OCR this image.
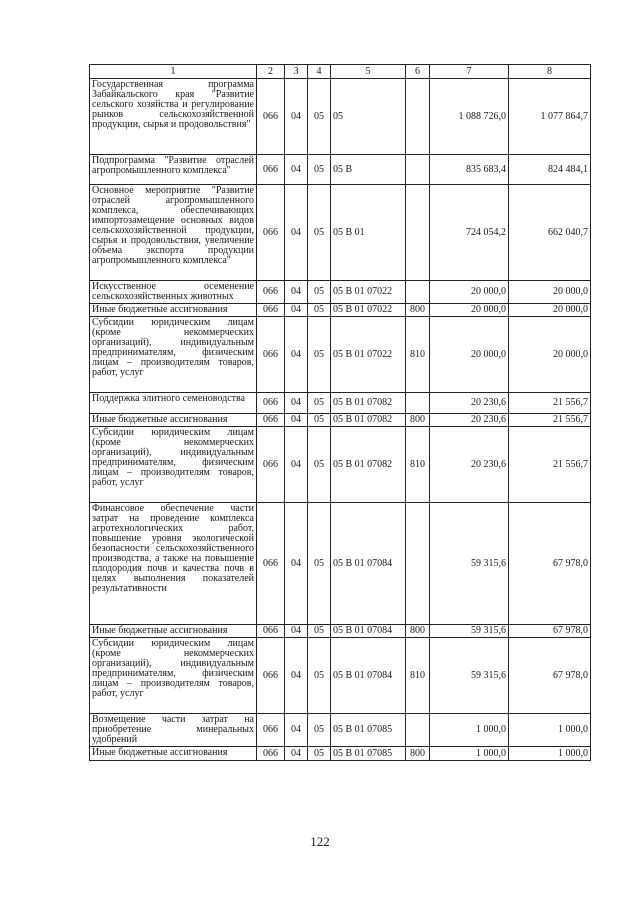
1	2	3	4	5	6	7	8
Государственная программа Забайкальского края "Развитие сельского хозяйства и регулирование рынков сельскохозяйственной продукции, сырья и продовольствия"	066	04	05	05		1 088 726,0	1 077 864,7
Подпрограмма "Развитие отраслей агропромышленного комплекса"	066	04	05	05 В		835 683,4	824 484,1
Основное мероприятие "Развитие отраслей агропромышленного комплекса, обеспечивающих импортозамещение основных видов сельскохозяйственной продукции, сырья и продовольствия, увеличение объема экспорта продукции агропромышленного комплекса"	066	04	05	05 В 01		724 054,2	662 040,7
Искусственное осеменение сельскохозяйственных животных	066	04	05	05 В 01 07022		20 000,0	20 000,0
Иные бюджетные ассигнования	066	04	05	05 В 01 07022	800	20 000,0	20 000,0
Субсидии юридическим лицам (кроме некоммерческих организаций), индивидуальным предпринимателям, физическим лицам – производителям товаров, работ, услуг	066	04	05	05 В 01 07022	810	20 000,0	20 000,0
Поддержка элитного семеноводства	066	04	05	05 В 01 07082		20 230,6	21 556,7
Иные бюджетные ассигнования	066	04	05	05 В 01 07082	800	20 230,6	21 556,7
Субсидии юридическим лицам (кроме некоммерческих организаций), индивидуальным предпринимателям, физическим лицам – производителям товаров, работ, услуг	066	04	05	05 В 01 07082	810	20 230,6	21 556,7
Финансовое обеспечение части затрат на проведение комплекса агротехнологических работ, повышение уровня экологической безопасности сельскохозяйственного производства, а также на повышение плодородия почв и качества почв в целях выполнения показателей результативности	066	04	05	05 В 01 07084		59 315,6	67 978,0
Иные бюджетные ассигнования	066	04	05	05 В 01 07084	800	59 315,6	67 978,0
Субсидии юридическим лицам (кроме некоммерческих организаций), индивидуальным предпринимателям, физическим лицам – производителям товаров, работ, услуг	066	04	05	05 В 01 07084	810	59 315,6	67 978,0
Возмещение части затрат на приобретение минеральных удобрений	066	04	05	05 В 01 07085		1 000,0	1 000,0
Иные бюджетные ассигнования	066	04	05	05 В 01 07085	800	1 000,0	1 000,0
122
